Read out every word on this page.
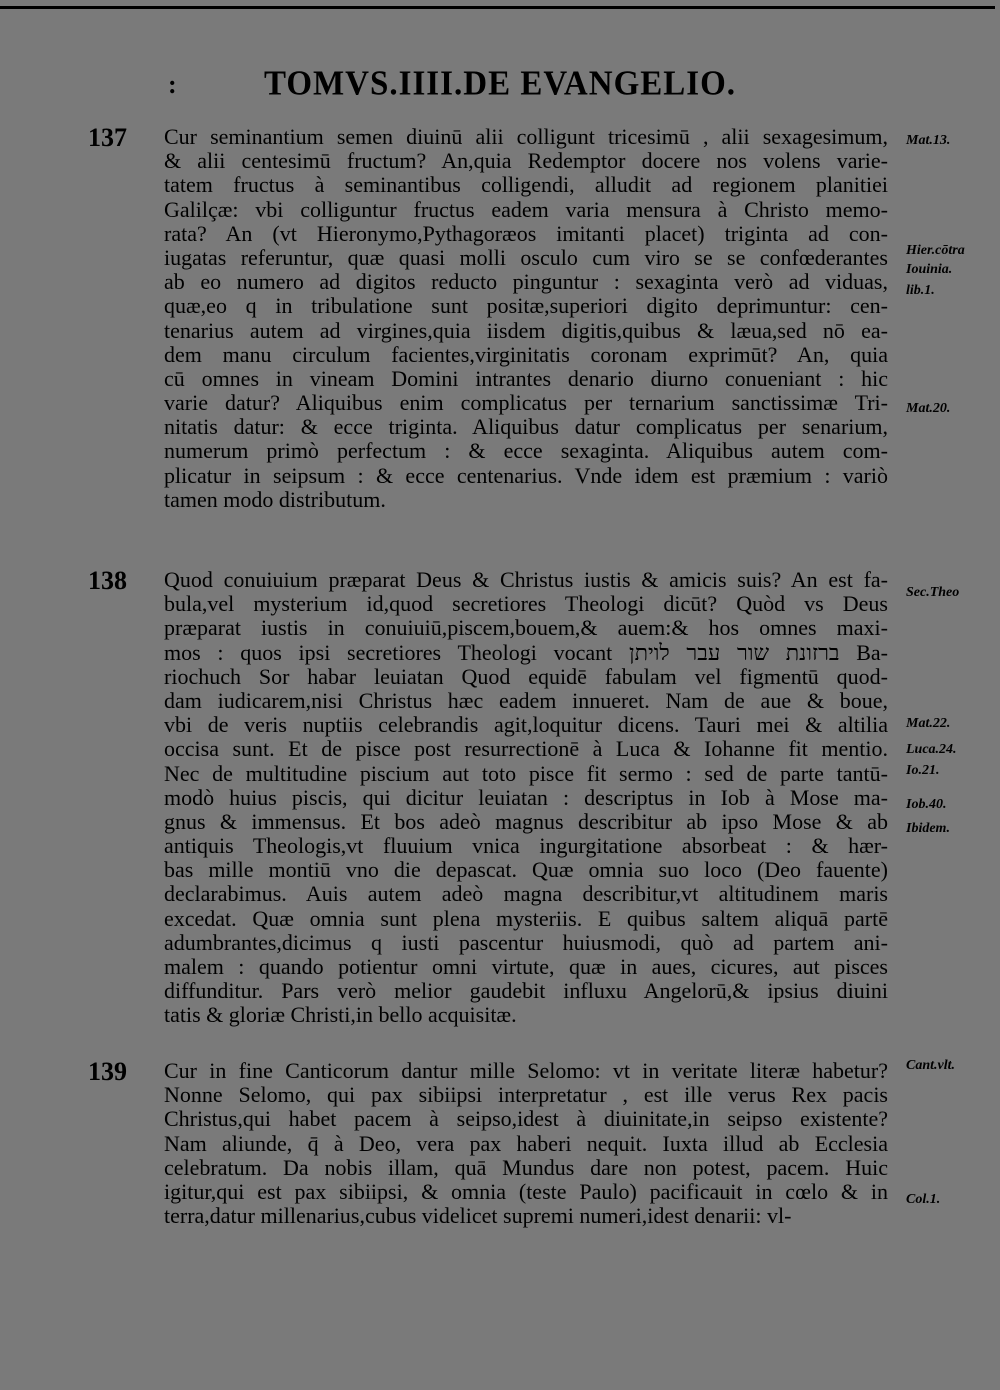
:	TOMVS.IIII.DE EVANGELIO.
137	Cur seminantium semen diuinū alii colligunt tricesimū , alii sexagesimum,
& alii centesimū fructum? An,quia Redemptor docere nos volens varie-
tatem fructus à seminantibus colligendi, alludit ad regionem planitiei
Galilçæ: vbi colliguntur fructus eadem varia mensura à Christo memo-
rata? An (vt Hieronymo,Pythagoræos imitanti placet) triginta ad con-
iugatas referuntur, quæ quasi molli osculo cum viro se se confœderantes
ab eo numero ad digitos reducto pinguntur : sexaginta verò ad viduas,
quæ,eo q in tribulatione sunt positæ,superiori digito deprimuntur: cen-
tenarius autem ad virgines,quia iisdem digitis,quibus & læua,sed nō ea-
dem manu circulum facientes,virginitatis coronam exprimūt? An, quia
cū omnes in vineam Domini intrantes denario diurno conueniant : hic
varie datur? Aliquibus enim complicatus per ternarium sanctissimæ Tri-
nitatis datur: & ecce triginta. Aliquibus datur complicatus per senarium,
numerum primò perfectum : & ecce sexaginta. Aliquibus autem com-
plicatur in seipsum : & ecce centenarius. Vnde idem est præmium : variò
tamen modo distributum.
138	Quod conuiuium præparat Deus & Christus iustis & amicis suis? An est fa-
bula,vel mysterium id,quod secretiores Theologi dicūt? Quòd vs Deus
præparat iustis in conuiuiū,piscem,bouem,& auem:& hos omnes maxi-
mos : quos ipsi secretiores Theologi vocant ברזונת שור עבר לויתן Ba-
riochuch Sor habar leuiatan Quod equidē fabulam vel figmentū quod-
dam iudicarem,nisi Christus hæc eadem innueret. Nam de aue & boue,
vbi de veris nuptiis celebrandis agit,loquitur dicens. Tauri mei & altilia
occisa sunt. Et de pisce post resurrectionē à Luca & Iohanne fit mentio.
Nec de multitudine piscium aut toto pisce fit sermo : sed de parte tantū-
modò huius piscis, qui dicitur leuiatan : descriptus in Iob à Mose ma-
gnus & immensus. Et bos adeò magnus describitur ab ipso Mose & ab
antiquis Theologis,vt fluuium vnica ingurgitatione absorbeat : & hær-
bas mille montiū vno die depascat. Quæ omnia suo loco (Deo fauente)
declarabimus. Auis autem adeò magna describitur,vt altitudinem maris
excedat. Quæ omnia sunt plena mysteriis. E quibus saltem aliquā partē
adumbrantes,dicimus q iusti pascentur huiusmodi, quò ad partem ani-
malem : quando potientur omni virtute, quæ in aues, cicures, aut pisces
diffunditur. Pars verò melior gaudebit influxu Angelorū,& ipsius diuini
tatis & gloriæ Christi,in bello acquisitæ.
139	Cur in fine Canticorum dantur mille Selomo: vt in veritate literæ habetur?
Nonne Selomo, qui pax sibiipsi interpretatur , est ille verus Rex pacis
Christus,qui habet pacem à seipso,idest à diuinitate,in seipso existente?
Nam aliunde, q̄ à Deo, vera pax haberi nequit. Iuxta illud ab Ecclesia
celebratum. Da nobis illam, quā Mundus dare non potest, pacem. Huic
igitur,qui est pax sibiipsi, & omnia (teste Paulo) pacificauit in cœlo & in
terra,datur millenarius,cubus videlicet supremi numeri,idest denarii: vl-
Mat.13.
Hier.cōtra
Iouinia.
lib.1.
Mat.20.
Sec.Theo
Mat.22.
Luca.24.
Io.21.
Iob.40.
Ibidem.
Cant.vlt.
Col.1.
